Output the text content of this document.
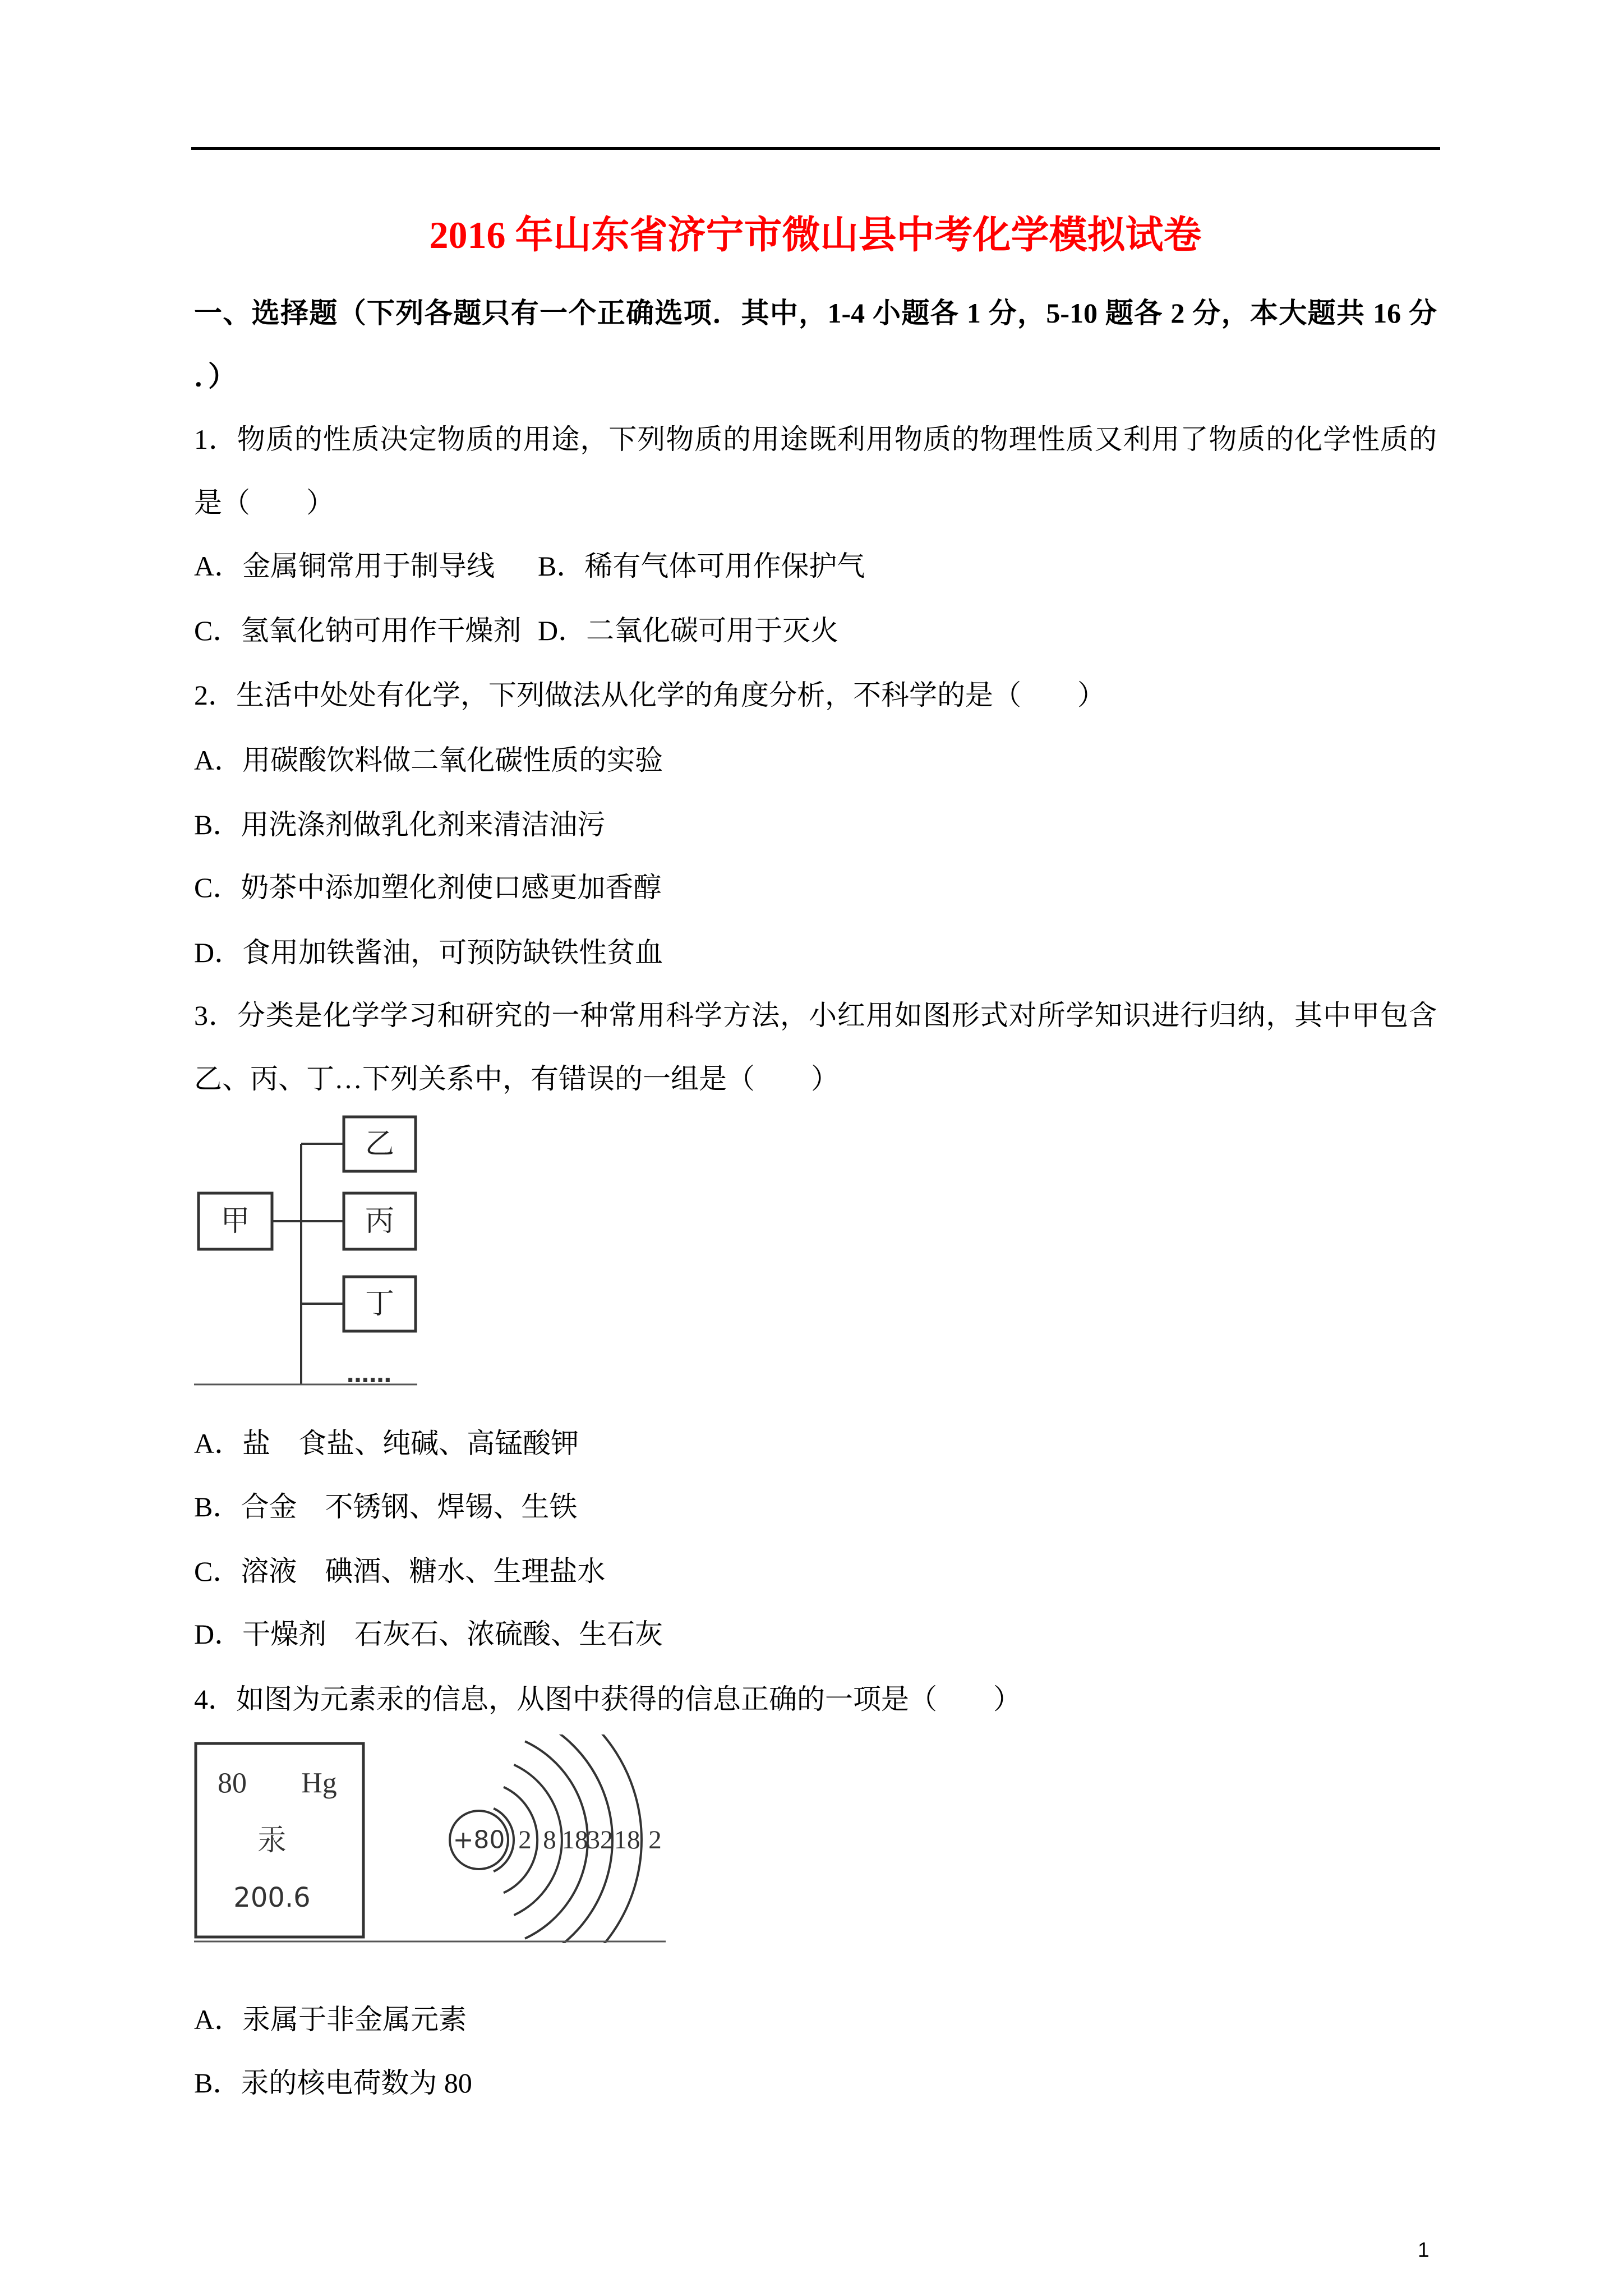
2016 年山东省济宁市微山县中考化学模拟试卷
一、选择题（下列各题只有一个正确选项．其中，1-4 小题各 1 分，5-10 题各 2 分，本大题共 16 分
．）
1．物质的性质决定物质的用途，下列物质的用途既利用物质的物理性质又利用了物质的化学性质的
是（　　）
A．金属铜常用于制导线 B．稀有气体可用作保护气
C．氢氧化钠可用作干燥剂 D．二氧化碳可用于灭火
2．生活中处处有化学，下列做法从化学的角度分析，不科学的是（　　）
A．用碳酸饮料做二氧化碳性质的实验
B．用洗涤剂做乳化剂来清洁油污
C．奶茶中添加塑化剂使口感更加香醇
D．食用加铁酱油，可预防缺铁性贫血
3．分类是化学学习和研究的一种常用科学方法，小红用如图形式对所学知识进行归纳，其中甲包含
乙、丙、丁…下列关系中，有错误的一组是（　　）
甲
乙
丙
丁
……
A．盐　食盐、纯碱、高锰酸钾
B．合金　不锈钢、焊锡、生铁
C．溶液　碘酒、糖水、生理盐水
D．干燥剂　石灰石、浓硫酸、生石灰
4．如图为元素汞的信息，从图中获得的信息正确的一项是（　　）
80 Hg
汞
200.6
+80 2 8 18
32 18 2
A．汞属于非金属元素
B．汞的核电荷数为 80
1
